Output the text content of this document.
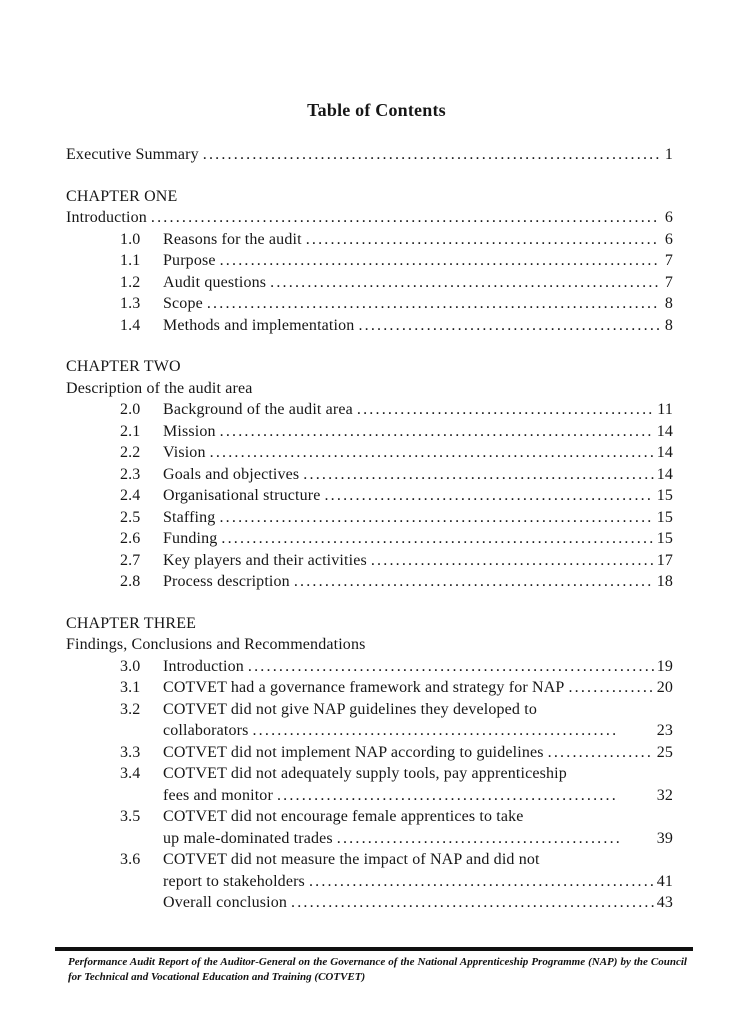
Table of Contents
Executive Summary .....	1
CHAPTER ONE
Introduction .....	6
1.0	Reasons for the audit .....	6
1.1	Purpose .....	7
1.2	Audit questions .....	7
1.3	Scope .....	8
1.4	Methods and implementation .....	8
CHAPTER TWO
Description of the audit area
2.0	Background of the audit area .....	11
2.1	Mission .....	14
2.2	Vision .....	14
2.3	Goals and objectives .....	14
2.4	Organisational structure .....	15
2.5	Staffing .....	15
2.6	Funding .....	15
2.7	Key players and their activities .....	17
2.8	Process description .....	18
CHAPTER THREE
Findings, Conclusions and Recommendations
3.0	Introduction .....	19
3.1	COTVET had a governance framework and strategy for NAP .....	20
3.2	COTVET did not give NAP guidelines they developed to
collaborators .....	23
3.3	COTVET did not implement NAP according to guidelines .....	25
3.4	COTVET did not adequately supply tools, pay apprenticeship
fees and monitor .....	32
3.5	COTVET did not encourage female apprentices to take
up male-dominated trades .....	39
3.6	COTVET did not measure the impact of NAP and did not
report to stakeholders .....	41
Overall conclusion .....	43

Performance Audit Report of the Auditor-General on the Governance of the National Apprenticeship Programme (NAP) by the Council for Technical and Vocational Education and Training (COTVET)
